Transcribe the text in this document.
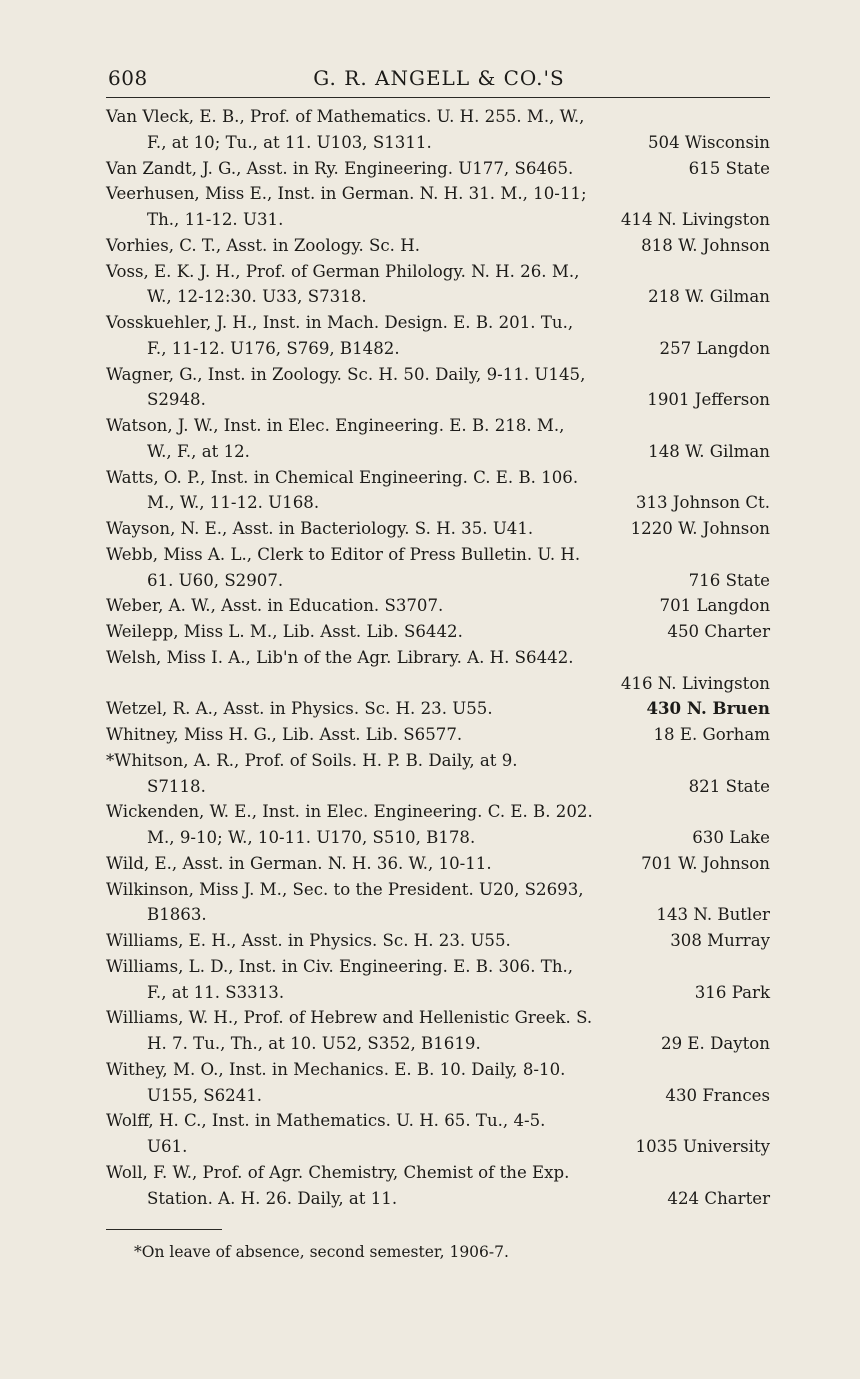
608	G. R. ANGELL & CO.'S
Van Vleck, E. B., Prof. of Mathematics. U. H. 255. M., W.,
F., at 10; Tu., at 11. U103, S1311.	504 Wisconsin
Van Zandt, J. G., Asst. in Ry. Engineering. U177, S6465.	615 State
Veerhusen, Miss E., Inst. in German. N. H. 31. M., 10-11;
Th., 11-12. U31.	414 N. Livingston
Vorhies, C. T., Asst. in Zoology. Sc. H.	818 W. Johnson
Voss, E. K. J. H., Prof. of German Philology. N. H. 26. M.,
W., 12-12:30. U33, S7318.	218 W. Gilman
Vosskuehler, J. H., Inst. in Mach. Design. E. B. 201. Tu.,
F., 11-12. U176, S769, B1482.	257 Langdon
Wagner, G., Inst. in Zoology. Sc. H. 50. Daily, 9-11. U145,
S2948.	1901 Jefferson
Watson, J. W., Inst. in Elec. Engineering. E. B. 218. M.,
W., F., at 12.	148 W. Gilman
Watts, O. P., Inst. in Chemical Engineering. C. E. B. 106.
M., W., 11-12. U168.	313 Johnson Ct.
Wayson, N. E., Asst. in Bacteriology. S. H. 35. U41.	1220 W. Johnson
Webb, Miss A. L., Clerk to Editor of Press Bulletin. U. H.
61. U60, S2907.	716 State
Weber, A. W., Asst. in Education. S3707.	701 Langdon
Weilepp, Miss L. M., Lib. Asst. Lib. S6442.	450 Charter
Welsh, Miss I. A., Lib'n of the Agr. Library. A. H. S6442.
416 N. Livingston
Wetzel, R. A., Asst. in Physics. Sc. H. 23. U55.	430 N. Bruen
Whitney, Miss H. G., Lib. Asst. Lib. S6577.	18 E. Gorham
*Whitson, A. R., Prof. of Soils. H. P. B. Daily, at 9.
S7118.	821 State
Wickenden, W. E., Inst. in Elec. Engineering. C. E. B. 202.
M., 9-10; W., 10-11. U170, S510, B178.	630 Lake
Wild, E., Asst. in German. N. H. 36. W., 10-11.	701 W. Johnson
Wilkinson, Miss J. M., Sec. to the President. U20, S2693,
B1863.	143 N. Butler
Williams, E. H., Asst. in Physics. Sc. H. 23. U55.	308 Murray
Williams, L. D., Inst. in Civ. Engineering. E. B. 306. Th.,
F., at 11. S3313.	316 Park
Williams, W. H., Prof. of Hebrew and Hellenistic Greek. S.
H. 7. Tu., Th., at 10. U52, S352, B1619.	29 E. Dayton
Withey, M. O., Inst. in Mechanics. E. B. 10. Daily, 8-10.
U155, S6241.	430 Frances
Wolff, H. C., Inst. in Mathematics. U. H. 65. Tu., 4-5.
U61.	1035 University
Woll, F. W., Prof. of Agr. Chemistry, Chemist of the Exp.
Station. A. H. 26. Daily, at 11.	424 Charter
*On leave of absence, second semester, 1906-7.
